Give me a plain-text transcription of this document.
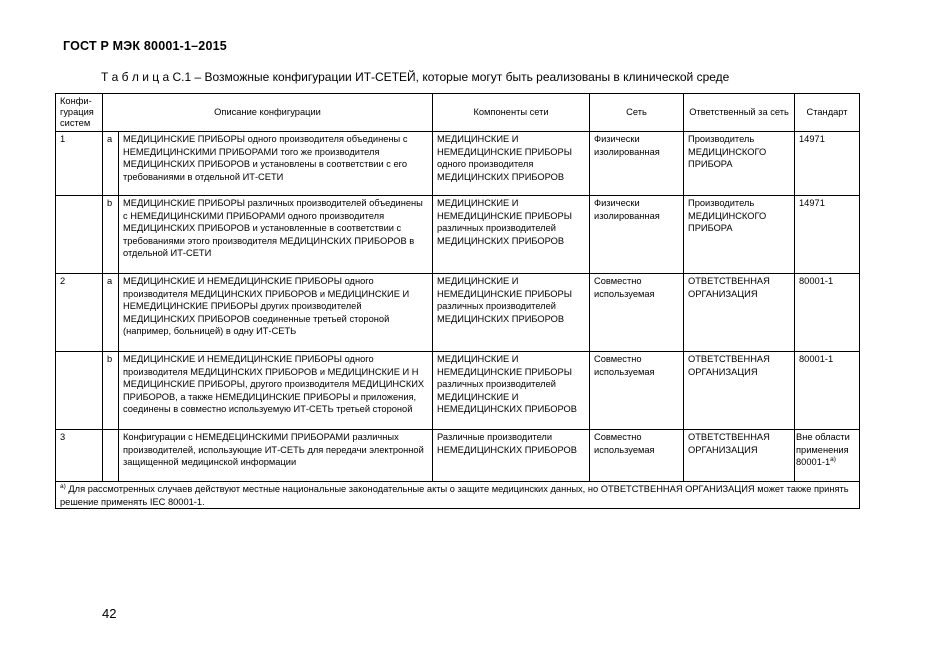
ГОСТ Р МЭК 80001-1–2015
Т а б л и ц а С.1 – Возможные конфигурации ИТ-СЕТЕЙ, которые могут быть реализованы в клинической среде
Конфи-гурация систем	Описание конфигурации		Компоненты сети	Сеть	Ответственный за сеть	Стандарт
1	a	МЕДИЦИНСКИЕ ПРИБОРЫ одного производителя объединены с НЕМЕДИЦИНСКИМИ ПРИБОРАМИ того же производителя МЕДИЦИНСКИХ ПРИБОРОВ и установлены в соответствии с его требованиями в отдельной ИТ-СЕТИ	МЕДИЦИНСКИЕ И НЕМЕДИЦИНСКИЕ ПРИБОРЫ одного производителя МЕДИЦИНСКИХ ПРИБОРОВ	Физически изолированная	Производитель МЕДИЦИНСКОГО ПРИБОРА	14971
	b	МЕДИЦИНСКИЕ ПРИБОРЫ различных производителей объединены с НЕМЕДИЦИНСКИМИ ПРИБОРАМИ одного производителя МЕДИЦИНСКИХ ПРИБОРОВ и установленные в соответствии с требованиями этого производителя МЕДИЦИНСКИХ ПРИБОРОВ в отдельной ИТ-СЕТИ	МЕДИЦИНСКИЕ И НЕМЕДИЦИНСКИЕ ПРИБОРЫ различных производителей МЕДИЦИНСКИХ ПРИБОРОВ	Физически изолированная	Производитель МЕДИЦИНСКОГО ПРИБОРА	14971
2	a	МЕДИЦИНСКИЕ И НЕМЕДИЦИНСКИЕ ПРИБОРЫ одного производителя МЕДИЦИНСКИХ ПРИБОРОВ и МЕДИЦИНСКИЕ И НЕМЕДИЦИНСКИЕ ПРИБОРЫ других производителей МЕДИЦИНСКИХ ПРИБОРОВ соединенные третьей стороной (например, больницей) в одну ИТ-СЕТЬ	МЕДИЦИНСКИЕ И НЕМЕДИЦИНСКИЕ ПРИБОРЫ различных производителей МЕДИЦИНСКИХ ПРИБОРОВ	Совместно используемая	ОТВЕТСТВЕННАЯ ОРГАНИЗАЦИЯ	80001-1
	b	МЕДИЦИНСКИЕ И НЕМЕДИЦИНСКИЕ ПРИБОРЫ одного производителя МЕДИЦИНСКИХ ПРИБОРОВ и МЕДИЦИНСКИЕ И Н МЕДИЦИНСКИЕ ПРИБОРЫ, другого производителя МЕДИЦИНСКИХ ПРИБОРОВ, а также НЕМЕДИЦИНСКИЕ ПРИБОРЫ и приложения, соединены в совместно используемую ИТ-СЕТЬ третьей стороной	МЕДИЦИНСКИЕ И НЕМЕДИЦИНСКИЕ ПРИБОРЫ различных производителей МЕДИЦИНСКИЕ И НЕМЕДИЦИНСКИХ ПРИБОРОВ	Совместно используемая	ОТВЕТСТВЕННАЯ ОРГАНИЗАЦИЯ	80001-1
3		Конфигурации с НЕМЕДЕЦИНСКИМИ ПРИБОРАМИ различных производителей, использующие ИТ-СЕТЬ для передачи электронной защищенной медицинской информации	Различные производители НЕМЕДИЦИНСКИХ ПРИБОРОВ	Совместно используемая	ОТВЕТСТВЕННАЯ ОРГАНИЗАЦИЯ	Вне области применения $80001-1^{а)}$
$^{а)}$ Для рассмотренных случаев действуют местные национальные законодательные акты о защите медицинских данных, но ОТВЕТСТВЕННАЯ ОРГАНИЗАЦИЯ может также принять решение применять IEC 80001-1.						
42
